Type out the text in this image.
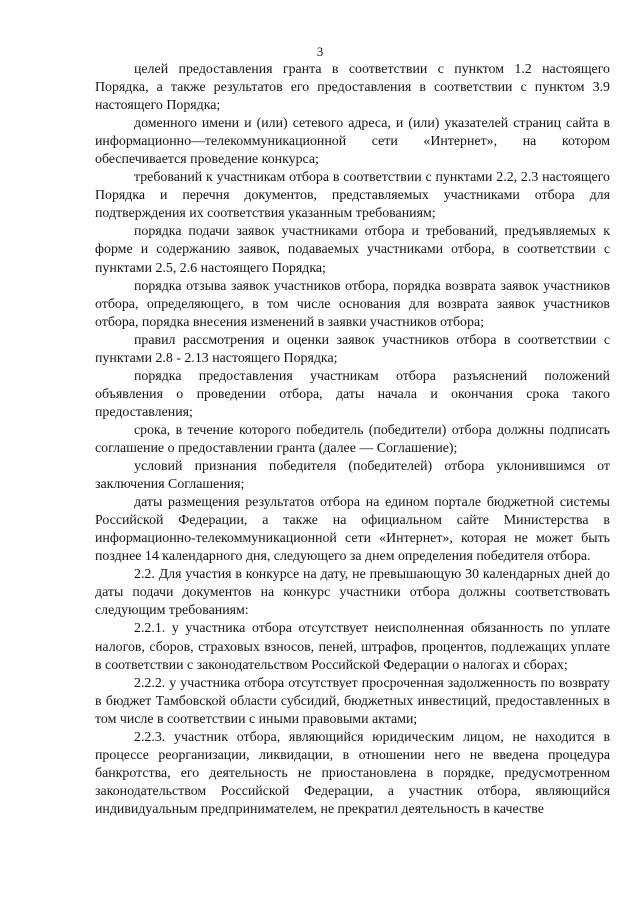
3

целей предоставления гранта в соответствии с пунктом 1.2 настоящего Порядка, а также результатов его предоставления в соответствии с пунктом 3.9 настоящего Порядка;

доменного имени и (или) сетевого адреса, и (или) указателей страниц сайта в информационно—телекоммуникационной сети «Интернет», на котором обеспечивается проведение конкурса;

требований к участникам отбора в соответствии с пунктами 2.2, 2.3 настоящего Порядка и перечня документов, представляемых участниками отбора для подтверждения их соответствия указанным требованиям;

порядка подачи заявок участниками отбора и требований, предъявляемых к форме и содержанию заявок, подаваемых участниками отбора, в соответствии с пунктами 2.5, 2.6 настоящего Порядка;

порядка отзыва заявок участников отбора, порядка возврата заявок участников отбора, определяющего, в том числе основания для возврата заявок участников отбора, порядка внесения изменений в заявки участников отбора;

правил рассмотрения и оценки заявок участников отбора в соответствии с пунктами 2.8 - 2.13 настоящего Порядка;

порядка предоставления участникам отбора разъяснений положений объявления о проведении отбора, даты начала и окончания срока такого предоставления;

срока, в течение которого победитель (победители) отбора должны подписать соглашение о предоставлении гранта (далее — Соглашение);

условий признания победителя (победителей) отбора уклонившимся от заключения Соглашения;

даты размещения результатов отбора на едином портале бюджетной системы Российской Федерации, а также на официальном сайте Министерства в информационно-телекоммуникационной сети «Интернет», которая не может быть позднее 14 календарного дня, следующего за днем определения победителя отбора.

2.2. Для участия в конкурсе на дату, не превышающую 30 календарных дней до даты подачи документов на конкурс участники отбора должны соответствовать следующим требованиям:

2.2.1. у участника отбора отсутствует неисполненная обязанность по уплате налогов, сборов, страховых взносов, пеней, штрафов, процентов, подлежащих уплате в соответствии с законодательством Российской Федерации о налогах и сборах;

2.2.2. у участника отбора отсутствует просроченная задолженность по возврату в бюджет Тамбовской области субсидий, бюджетных инвестиций, предоставленных в том числе в соответствии с иными правовыми актами;

2.2.3. участник отбора, являющийся юридическим лицом, не находится в процессе реорганизации, ликвидации, в отношении него не введена процедура банкротства, его деятельность не приостановлена в порядке, предусмотренном законодательством Российской Федерации, а участник отбора, являющийся индивидуальным предпринимателем, не прекратил деятельность в качестве
